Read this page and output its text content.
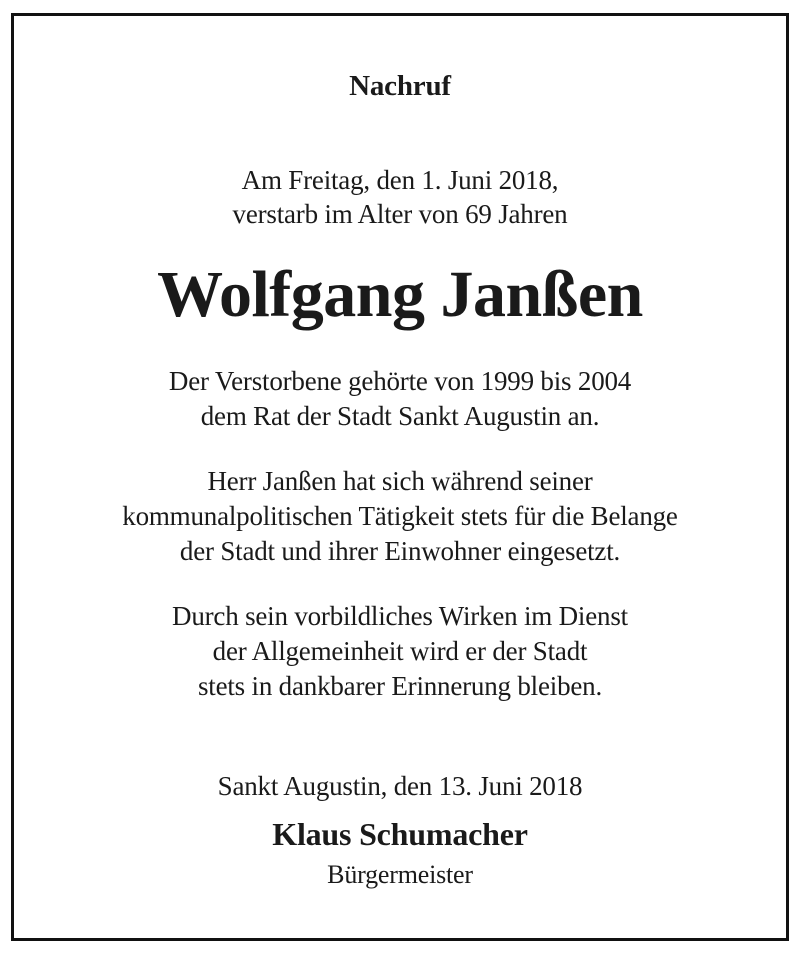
Nachruf
Am Freitag, den 1. Juni 2018,
verstarb im Alter von 69 Jahren
Wolfgang Janßen
Der Verstorbene gehörte von 1999 bis 2004
dem Rat der Stadt Sankt Augustin an.
Herr Janßen hat sich während seiner
kommunalpolitischen Tätigkeit stets für die Belange
der Stadt und ihrer Einwohner eingesetzt.
Durch sein vorbildliches Wirken im Dienst
der Allgemeinheit wird er der Stadt
stets in dankbarer Erinnerung bleiben.
Sankt Augustin, den 13. Juni 2018
Klaus Schumacher
Bürgermeister
